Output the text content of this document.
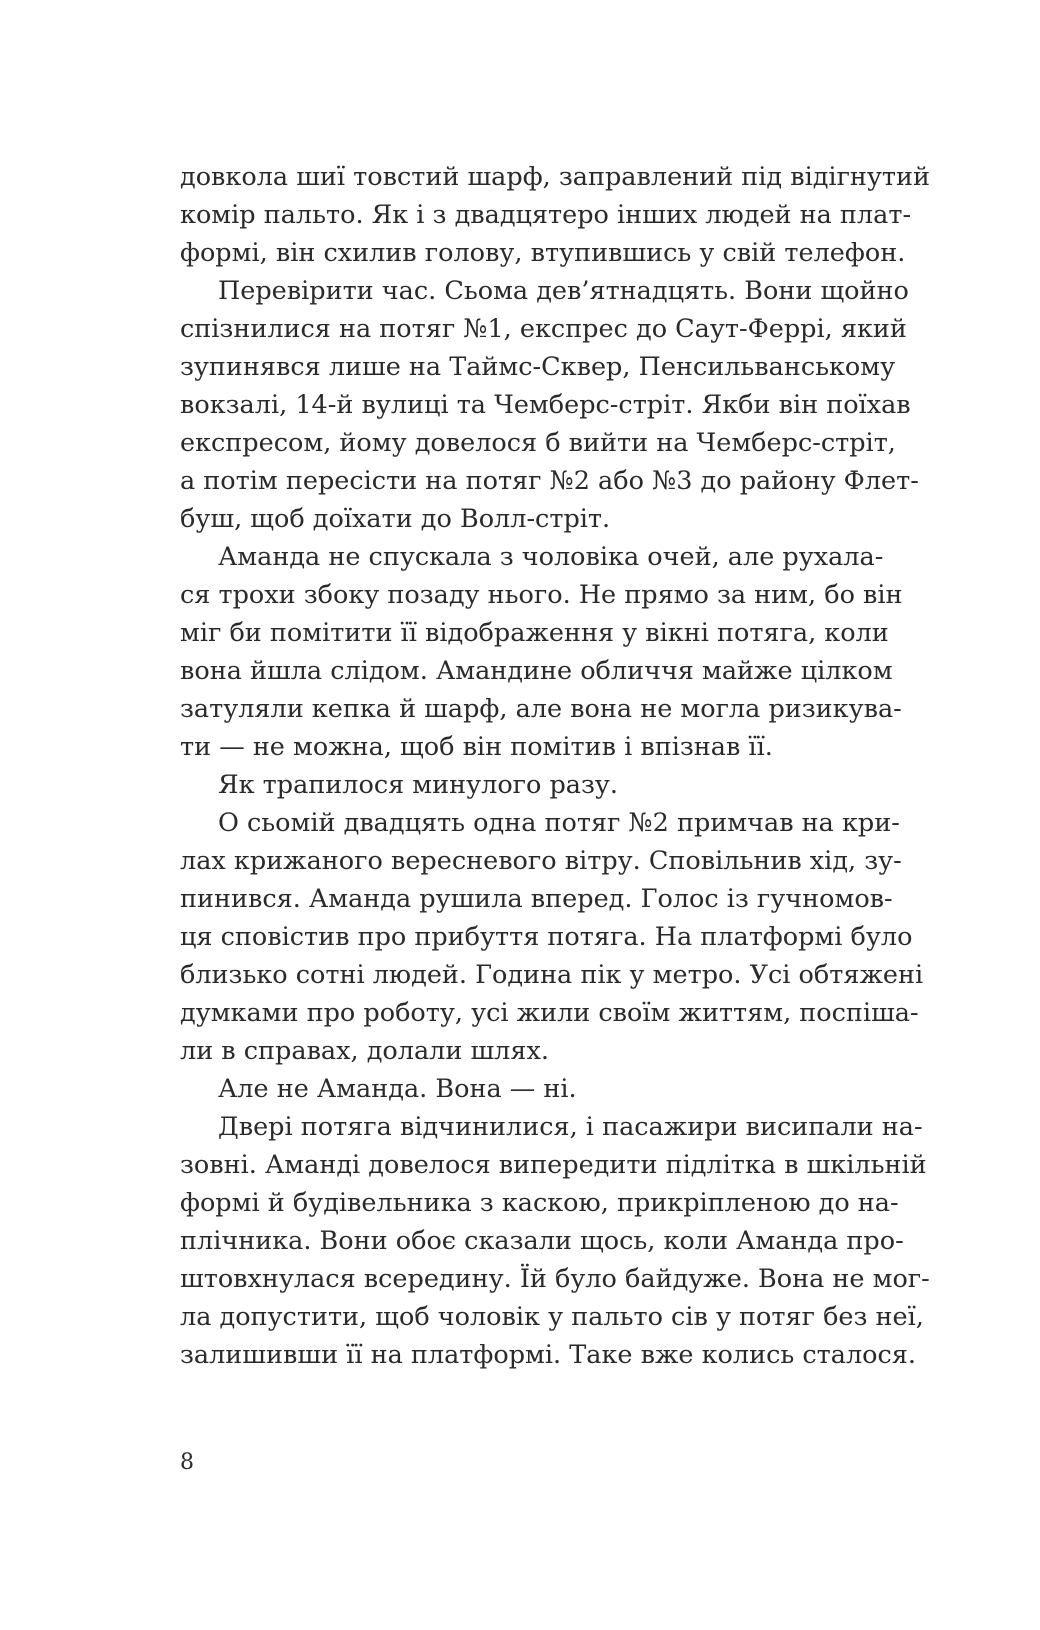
довкола шиї товстий шарф, заправлений під відігнутий
комір пальто. Як і з двадцятеро інших людей на плат-
формі, він схилив голову, втупившись у свій телефон.
Перевірити час. Сьома дев’ятнадцять. Вони щойно
спізнилися на потяг №1, експрес до Саут-Феррі, який
зупинявся лише на Таймс-Сквер, Пенсильванському
вокзалі, 14-й вулиці та Чемберс-стріт. Якби він поїхав
експресом, йому довелося б вийти на Чемберс-стріт,
а потім пересісти на потяг №2 або №3 до району Флет-
буш, щоб доїхати до Волл-стріт.
Аманда не спускала з чоловіка очей, але рухала-
ся трохи збоку позаду нього. Не прямо за ним, бо він
міг би помітити її відображення у вікні потяга, коли
вона йшла слідом. Амандине обличчя майже цілком
затуляли кепка й шарф, але вона не могла ризикува-
ти — не можна, щоб він помітив і впізнав її.
Як трапилося минулого разу.
О сьомій двадцять одна потяг №2 примчав на кри-
лах крижаного вересневого вітру. Сповільнив хід, зу-
пинився. Аманда рушила вперед. Голос із гучномов-
ця сповістив про прибуття потяга. На платформі було
близько сотні людей. Година пік у метро. Усі обтяжені
думками про роботу, усі жили своїм життям, поспіша-
ли в справах, долали шлях.
Але не Аманда. Вона — ні.
Двері потяга відчинилися, і пасажири висипали на-
зовні. Аманді довелося випередити підлітка в шкільній
формі й будівельника з каскою, прикріпленою до на-
плічника. Вони обоє сказали щось, коли Аманда про-
штовхнулася всередину. Їй було байдуже. Вона не мог-
ла допустити, щоб чоловік у пальто сів у потяг без неї,
залишивши її на платформі. Таке вже колись сталося.
8
